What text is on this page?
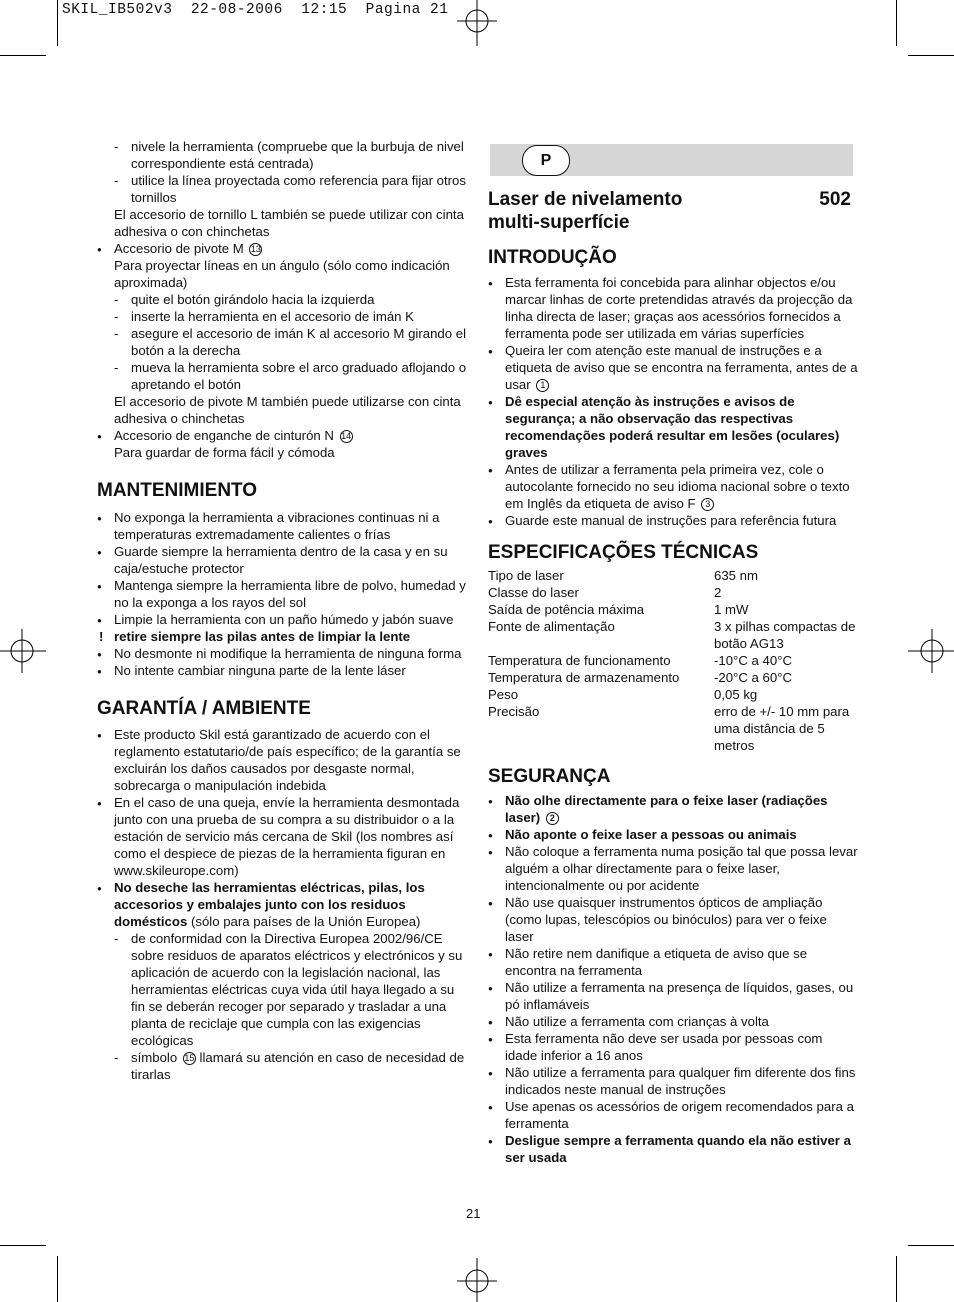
SKIL_IB502v3  22-08-2006  12:15  Pagina 21

- nivele la herramienta (compruebe que la burbuja de nivel correspondiente está centrada)

- utilice la línea proyectada como referencia para fijar otros tornillos

El accesorio de tornillo L también se puede utilizar con cinta adhesiva o con chinchetas

● Accesorio de pivote M 13

Para proyectar líneas en un ángulo (sólo como indicación aproximada)

- quite el botón girándolo hacia la izquierda

- inserte la herramienta en el accesorio de imán K

- asegure el accesorio de imán K al accesorio M girando el botón a la derecha

- mueva la herramienta sobre el arco graduado aflojando o apretando el botón

El accesorio de pivote M también puede utilizarse con cinta adhesiva o chinchetas

● Accesorio de enganche de cinturón N 14

Para guardar de forma fácil y cómoda

MANTENIMIENTO

● No exponga la herramienta a vibraciones continuas ni a temperaturas extremadamente calientes o frías

● Guarde siempre la herramienta dentro de la casa y en su caja/estuche protector

● Mantenga siempre la herramienta libre de polvo, humedad y no la exponga a los rayos del sol

● Limpie la herramienta con un paño húmedo y jabón suave

! retire siempre las pilas antes de limpiar la lente

● No desmonte ni modifique la herramienta de ninguna forma

● No intente cambiar ninguna parte de la lente láser

GARANTÍA / AMBIENTE

● Este producto Skil está garantizado de acuerdo con el reglamento estatutario/de país específico; de la garantía se excluirán los daños causados por desgaste normal, sobrecarga o manipulación indebida

● En el caso de una queja, envíe la herramienta desmontada junto con una prueba de su compra a su distribuidor o a la estación de servicio más cercana de Skil (los nombres así como el despiece de piezas de la herramienta figuran en www.skileurope.com)

● No deseche las herramientas eléctricas, pilas, los accesorios y embalajes junto con los residuos domésticos (sólo para países de la Unión Europea)

- de conformidad con la Directiva Europea 2002/96/CE sobre residuos de aparatos eléctricos y electrónicos y su aplicación de acuerdo con la legislación nacional, las herramientas eléctricas cuya vida útil haya llegado a su fin se deberán recoger por separado y trasladar a una planta de reciclaje que cumpla con las exigencias ecológicas

- símbolo 15 llamará su atención en caso de necesidad de tirarlas

P
Laser de nivelamento
multi-superfície
502
INTRODUÇÃO

● Esta ferramenta foi concebida para alinhar objectos e/ou marcar linhas de corte pretendidas através da projecção da linha directa de laser; graças aos acessórios fornecidos a ferramenta pode ser utilizada em várias superfícies

● Queira ler com atenção este manual de instruções e a etiqueta de aviso que se encontra na ferramenta, antes de a usar 1

● Dê especial atenção às instruções e avisos de segurança; a não observação das respectivas recomendações poderá resultar em lesões (oculares) graves

● Antes de utilizar a ferramenta pela primeira vez, cole o autocolante fornecido no seu idioma nacional sobre o texto em Inglês da etiqueta de aviso F 3

● Guarde este manual de instruções para referência futura

ESPECIFICAÇÕES TÉCNICAS
Tipo de laser	635 nm
Classe do laser	2
Saída de potência máxima	1 mW
Fonte de alimentação	3 x pilhas compactas de botão AG13
Temperatura de funcionamento	-10°C a 40°C
Temperatura de armazenamento	-20°C a 60°C
Peso	0,05 kg
Precisão	erro de +/- 10 mm para uma distância de 5 metros
SEGURANÇA

● Não olhe directamente para o feixe laser (radiações laser) 2

● Não aponte o feixe laser a pessoas ou animais

● Não coloque a ferramenta numa posição tal que possa levar alguém a olhar directamente para o feixe laser, intencionalmente ou por acidente

● Não use quaisquer instrumentos ópticos de ampliação (como lupas, telescópios ou binóculos) para ver o feixe laser

● Não retire nem danifique a etiqueta de aviso que se encontra na ferramenta

● Não utilize a ferramenta na presença de líquidos, gases, ou pó inflamáveis

● Não utilize a ferramenta com crianças à volta

● Esta ferramenta não deve ser usada por pessoas com idade inferior a 16 anos

● Não utilize a ferramenta para qualquer fim diferente dos fins indicados neste manual de instruções

● Use apenas os acessórios de origem recomendados para a ferramenta

● Desligue sempre a ferramenta quando ela não estiver a ser usada

21
